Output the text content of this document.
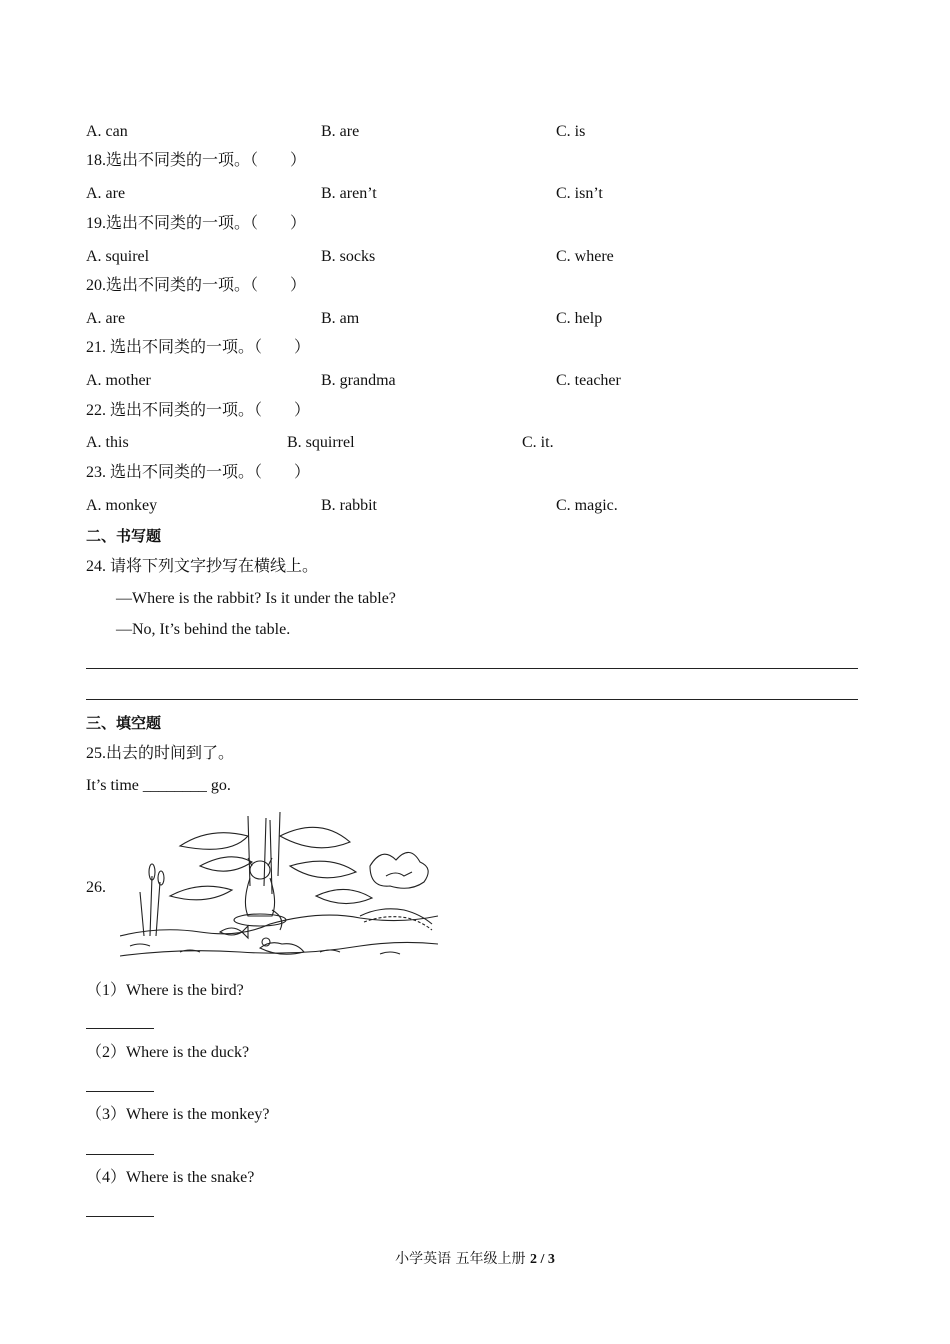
A. can	B. are	C. is
18.选出不同类的一项。（　　）
A. are	B. aren’t	C. isn’t
19.选出不同类的一项。（　　）
A. squirel	B. socks	C. where
20.选出不同类的一项。（　　）
A. are	B. am	C. help
21. 选出不同类的一项。（　　）
A. mother	B. grandma	C. teacher
22. 选出不同类的一项。（　　）
A. this	B. squirrel	C. it.
23. 选出不同类的一项。（　　）
A. monkey	B. rabbit	C. magic.
二、书写题
24. 请将下列文字抄写在横线上。
—Where is the rabbit? Is it under the table?
—No, It’s behind the table.
三、填空题
25.出去的时间到了。
It’s time ________ go.
26.
（1）Where is the bird?
（2）Where is the duck?
（3）Where is the monkey?
（4）Where is the snake?
小学英语 五年级上册 2 / 3
